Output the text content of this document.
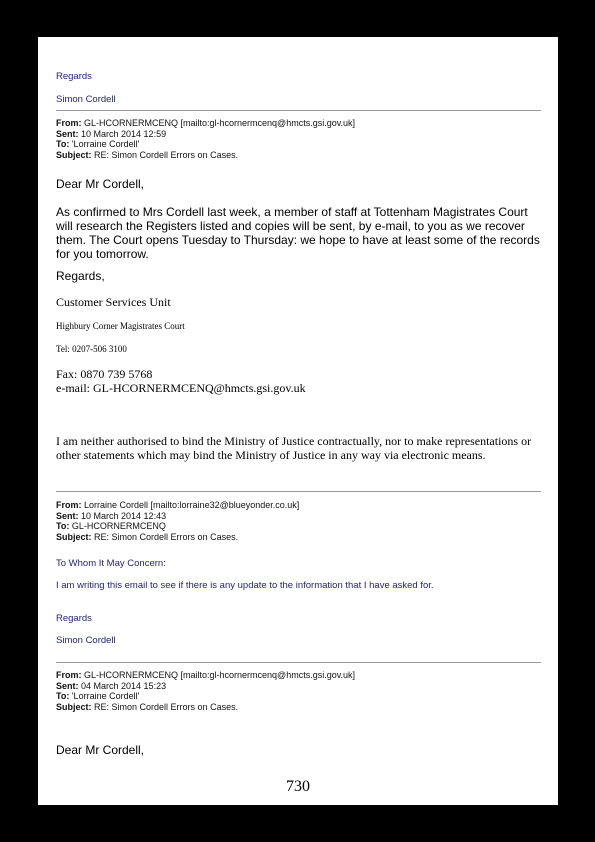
Regards
Simon Cordell
From: GL-HCORNERMCENQ [mailto:gl-hcornermcenq@hmcts.gsi.gov.uk]
Sent: 10 March 2014 12:59
To: 'Lorraine Cordell'
Subject: RE: Simon Cordell Errors on Cases.
Dear Mr Cordell,
As confirmed to Mrs Cordell last week, a member of staff at Tottenham Magistrates Court will research the Registers listed and copies will be sent, by e-mail, to you as we recover them. The Court opens Tuesday to Thursday: we hope to have at least some of the records for you tomorrow.
Regards,
Customer Services Unit
Highbury Corner Magistrates Court
Tel: 0207-506 3100
Fax: 0870 739 5768
e-mail: GL-HCORNERMCENQ@hmcts.gsi.gov.uk
I am neither authorised to bind the Ministry of Justice contractually, nor to make representations or other statements which may bind the Ministry of Justice in any way via electronic means.
From: Lorraine Cordell [mailto:lorraine32@blueyonder.co.uk]
Sent: 10 March 2014 12:43
To: GL-HCORNERMCENQ
Subject: RE: Simon Cordell Errors on Cases.
To Whom It May Concern:
I am writing this email to see if there is any update to the information that I have asked for.
Regards
Simon Cordell
From: GL-HCORNERMCENQ [mailto:gl-hcornermcenq@hmcts.gsi.gov.uk]
Sent: 04 March 2014 15:23
To: 'Lorraine Cordell'
Subject: RE: Simon Cordell Errors on Cases.
Dear Mr Cordell,
730
